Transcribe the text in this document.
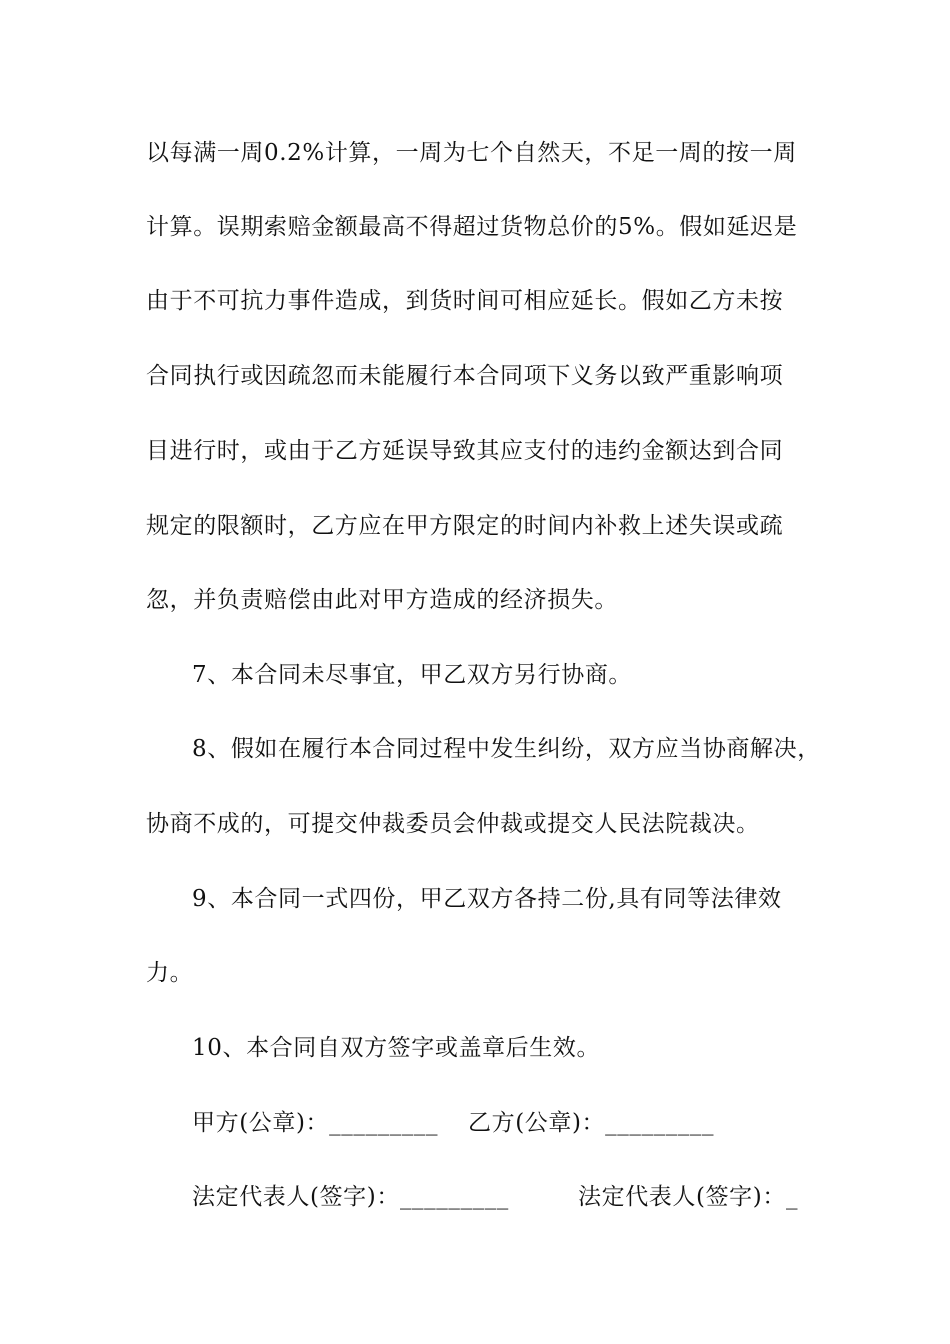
以每满一周0.2%计算，一周为七个自然天，不足一周的按一周
计算。误期索赔金额最高不得超过货物总价的5%。假如延迟是
由于不可抗力事件造成，到货时间可相应延长。假如乙方未按
合同执行或因疏忽而未能履行本合同项下义务以致严重影响项
目进行时，或由于乙方延误导致其应支付的违约金额达到合同
规定的限额时，乙方应在甲方限定的时间内补救上述失误或疏
忽，并负责赔偿由此对甲方造成的经济损失。
7、本合同未尽事宜，甲乙双方另行协商。
8、假如在履行本合同过程中发生纠纷，双方应当协商解决，
协商不成的，可提交仲裁委员会仲裁或提交人民法院裁决。
9、本合同一式四份，甲乙双方各持二份,具有同等法律效
力。
10、本合同自双方签字或盖章后生效。
甲方(公章)：_________ 乙方(公章)：_________
法定代表人(签字)：_________	法定代表人(签字)：_
